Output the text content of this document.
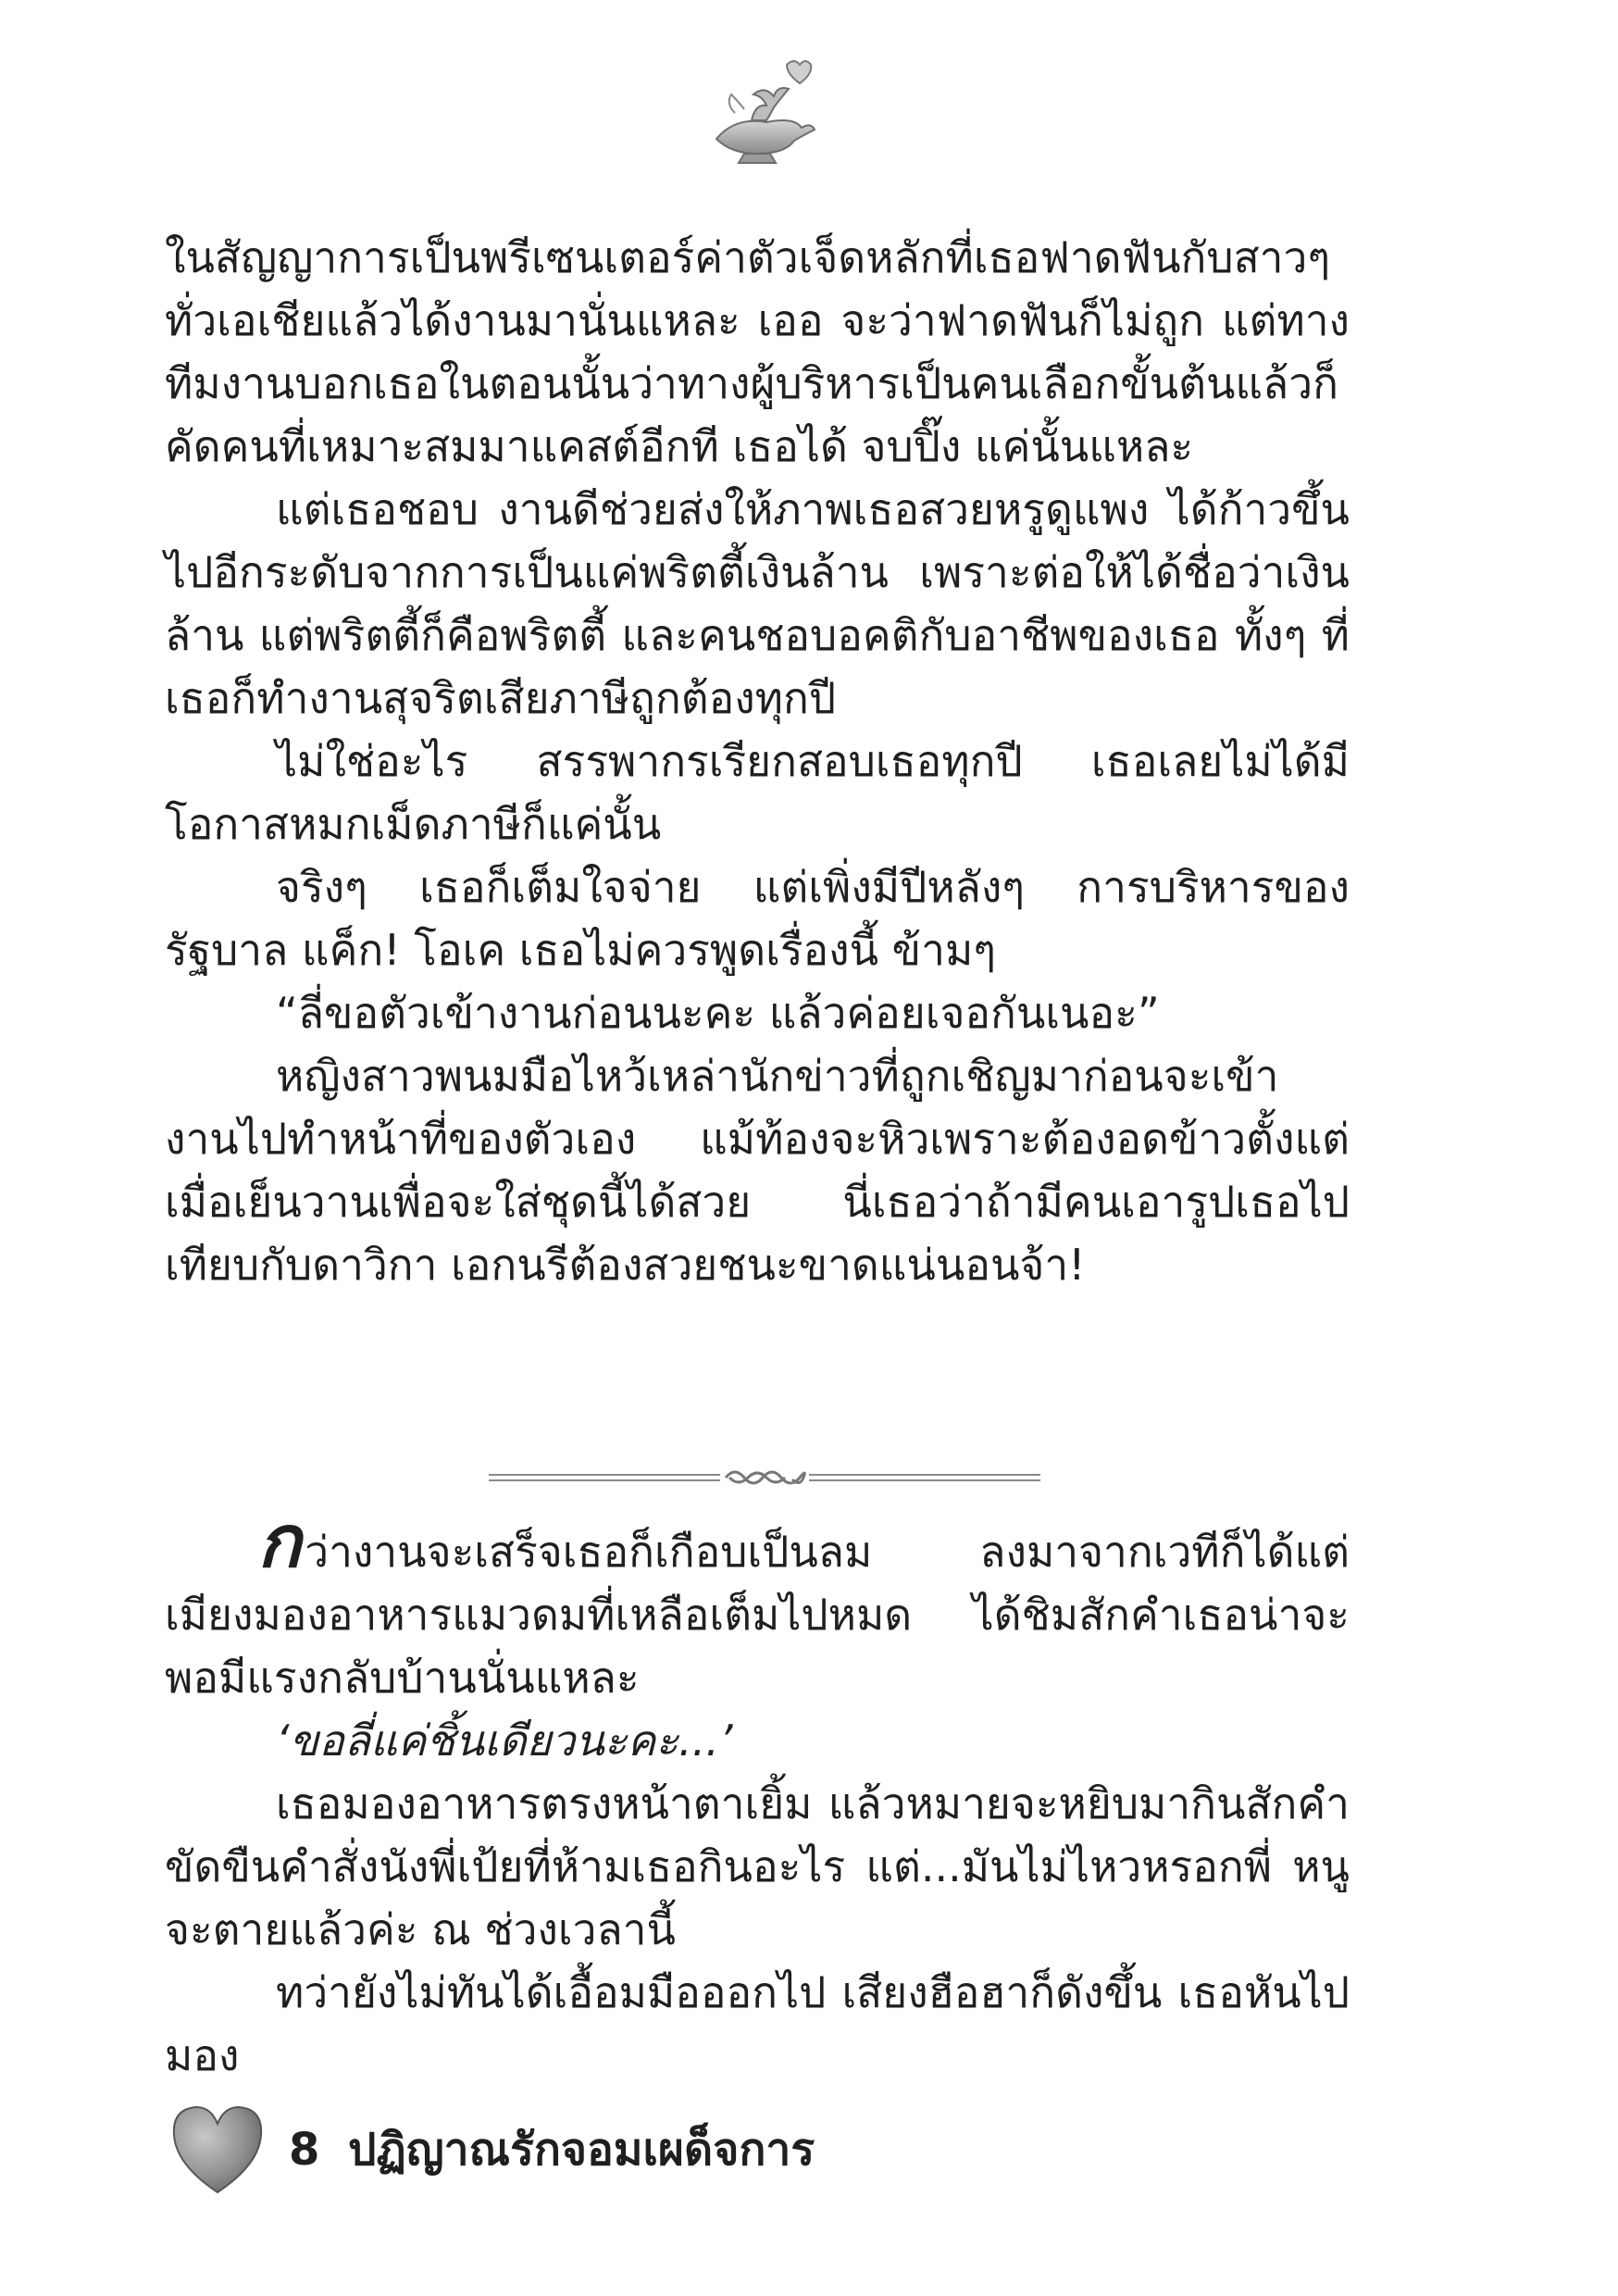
ในสัญญาการเป็นพรีเซนเตอร์ค่าตัวเจ็ดหลักที่เธอฟาดฟันกับสาวๆ ทั่วเอเชียแล้วได้งานมานั่นแหละ เออ จะว่าฟาดฟันก็ไม่ถูก แต่ทางทีมงานบอกเธอในตอนนั้นว่าทางผู้บริหารเป็นคนเลือกขั้นต้นแล้วก็คัดคนที่เหมาะสมมาแคสต์อีกที เธอได้ จบปิ๊ง แค่นั้นแหละ

แต่เธอชอบ งานดีช่วยส่งให้ภาพเธอสวยหรูดูแพง ได้ก้าวขึ้นไปอีกระดับจากการเป็นแค่พริตตี้เงินล้าน เพราะต่อให้ได้ชื่อว่าเงินล้าน แต่พริตตี้ก็คือพริตตี้ และคนชอบอคติกับอาชีพของเธอ ทั้งๆ ที่เธอก็ทำงานสุจริตเสียภาษีถูกต้องทุกปี

ไม่ใช่อะไร สรรพากรเรียกสอบเธอทุกปี เธอเลยไม่ได้มีโอกาสหมกเม็ดภาษีก็แค่นั้น

จริงๆ เธอก็เต็มใจจ่าย แต่เพิ่งมีปีหลังๆ การบริหารของรัฐบาล แค็ก! โอเค เธอไม่ควรพูดเรื่องนี้ ข้ามๆ

“ลี่ขอตัวเข้างานก่อนนะคะ แล้วค่อยเจอกันเนอะ”

หญิงสาวพนมมือไหว้เหล่านักข่าวที่ถูกเชิญมาก่อนจะเข้างานไปทำหน้าที่ของตัวเอง แม้ท้องจะหิวเพราะต้องอดข้าวตั้งแต่เมื่อเย็นวานเพื่อจะใส่ชุดนี้ได้สวย นี่เธอว่าถ้ามีคนเอารูปเธอไปเทียบกับดาวิกา เอกนรีต้องสวยชนะขาดแน่นอนจ้า!

กว่างานจะเสร็จเธอก็เกือบเป็นลม ลงมาจากเวทีก็ได้แต่เมียงมองอาหารแมวดมที่เหลือเต็มไปหมด ได้ชิมสักคำเธอน่าจะพอมีแรงกลับบ้านนั่นแหละ

‘ขอลี่แค่ชิ้นเดียวนะคะ...’

เธอมองอาหารตรงหน้าตาเยิ้ม แล้วหมายจะหยิบมากินสักคำ ขัดขืนคำสั่งนังพี่เป้ยที่ห้ามเธอกินอะไร แต่...มันไม่ไหวหรอกพี่ หนูจะตายแล้วค่ะ ณ ช่วงเวลานี้

ทว่ายังไม่ทันได้เอื้อมมือออกไป เสียงฮือฮาก็ดังขึ้น เธอหันไปมอง

8 ปฏิญาณรักจอมเผด็จการ
